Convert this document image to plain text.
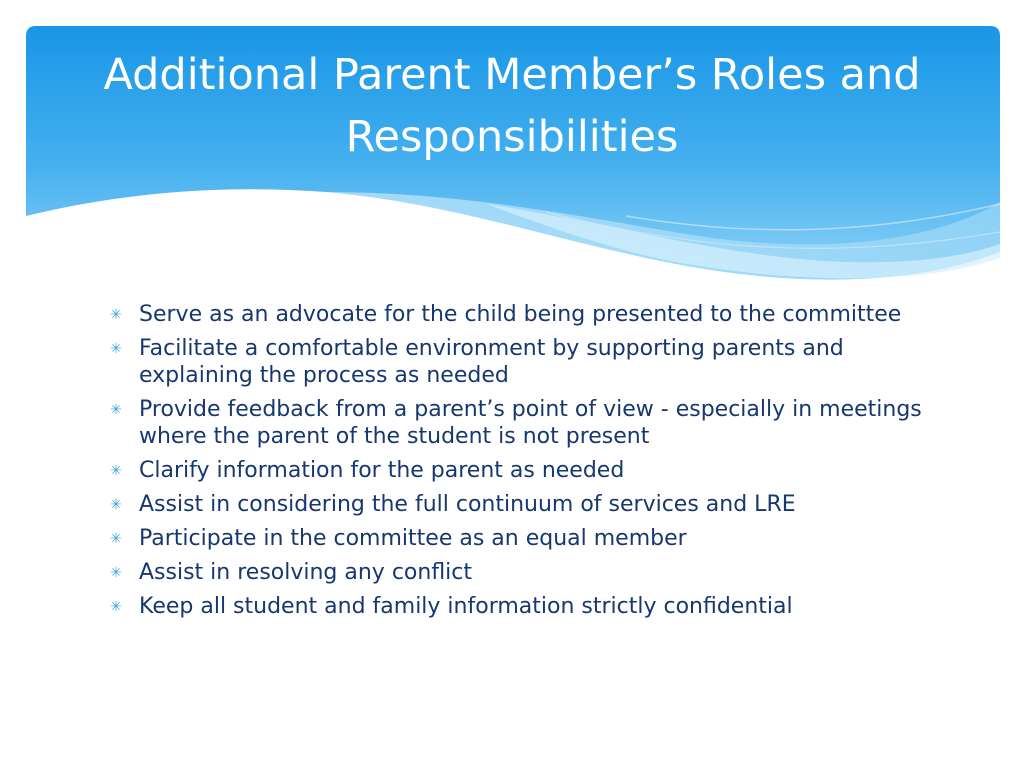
Additional Parent Member’s Roles and Responsibilities
✳ Serve as an advocate for the child being presented to the committee
✳ Facilitate a comfortable environment by supporting parents and explaining the process as needed
✳ Provide feedback from a parent’s point of view - especially in meetings where the parent of the student is not present
✳ Clarify information for the parent as needed
✳ Assist in considering the full continuum of services and LRE
✳ Participate in the committee as an equal member
✳ Assist in resolving any conflict
✳ Keep all student and family information strictly confidential
